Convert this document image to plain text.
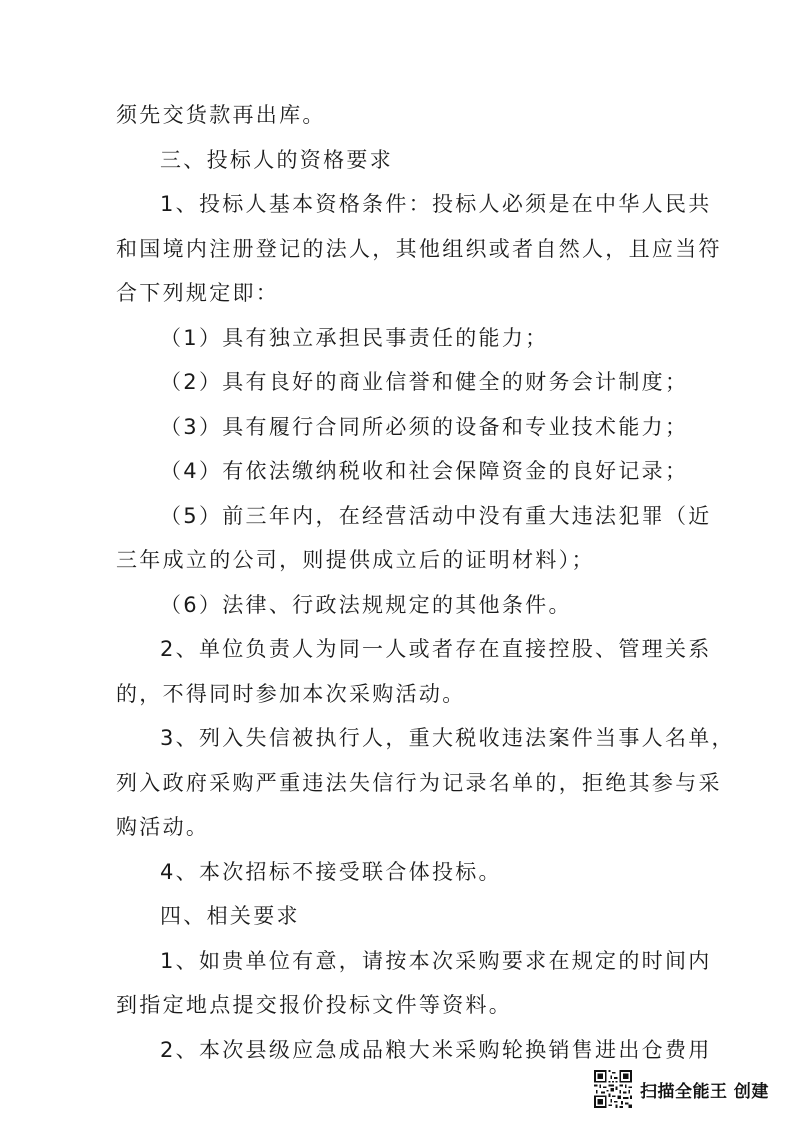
须先交货款再出库。
三、投标人的资格要求
1、投标人基本资格条件：投标人必须是在中华人民共
和国境内注册登记的法人，其他组织或者自然人，且应当符
合下列规定即：
（1）具有独立承担民事责任的能力；
（2）具有良好的商业信誉和健全的财务会计制度；
（3）具有履行合同所必须的设备和专业技术能力；
（4）有依法缴纳税收和社会保障资金的良好记录；
（5）前三年内，在经营活动中没有重大违法犯罪（近
三年成立的公司，则提供成立后的证明材料）；
（6）法律、行政法规规定的其他条件。
2、单位负责人为同一人或者存在直接控股、管理关系
的，不得同时参加本次采购活动。
3、列入失信被执行人，重大税收违法案件当事人名单，
列入政府采购严重违法失信行为记录名单的，拒绝其参与采
购活动。
4、本次招标不接受联合体投标。
四、相关要求
1、如贵单位有意，请按本次采购要求在规定的时间内
到指定地点提交报价投标文件等资料。
2、本次县级应急成品粮大米采购轮换销售进出仓费用
扫描全能王 创建
